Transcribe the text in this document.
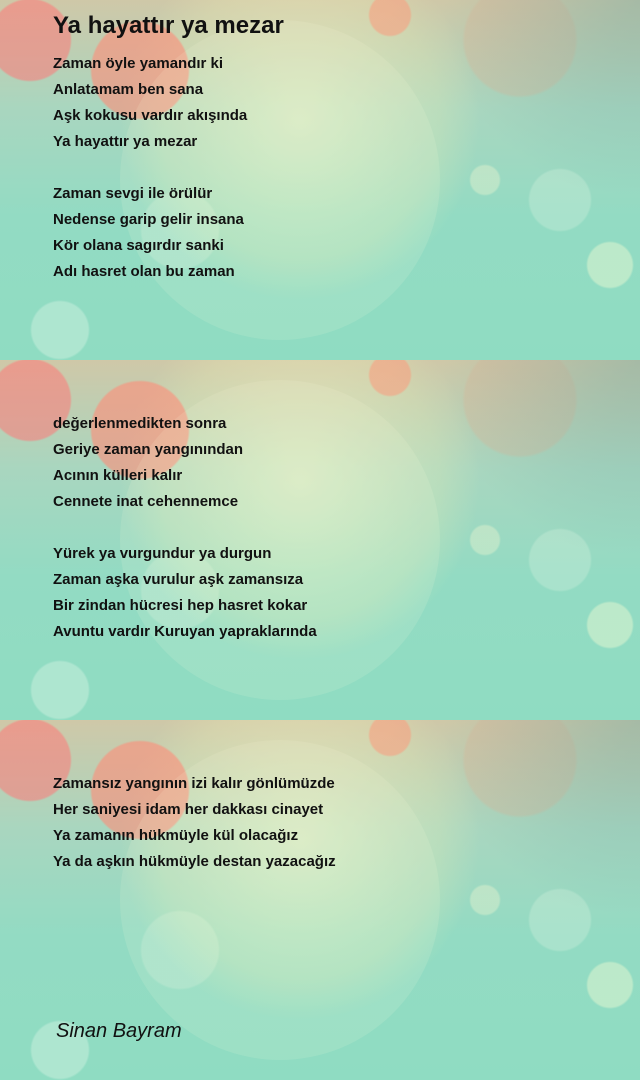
Ya hayattır ya mezar
Zaman öyle yamandır ki
Anlatamam ben sana
Aşk kokusu vardır akışında
Ya hayattır ya mezar
Zaman sevgi ile örülür
Nedense garip gelir insana
Kör olana sagırdır sanki
Adı hasret olan bu zaman
değerlenmedikten sonra
Geriye zaman yangınından
Acının külleri kalır
Cennete inat cehennemce
Yürek ya vurgundur ya durgun
Zaman aşka vurulur aşk zamansıza
Bir zindan hücresi hep hasret kokar
Avuntu vardır Kuruyan yapraklarında
Zamansız yangının izi kalır gönlümüzde
Her saniyesi idam her dakkası cinayet
Ya zamanın hükmüyle kül olacağız
Ya da aşkın hükmüyle destan yazacağız
Sinan Bayram
